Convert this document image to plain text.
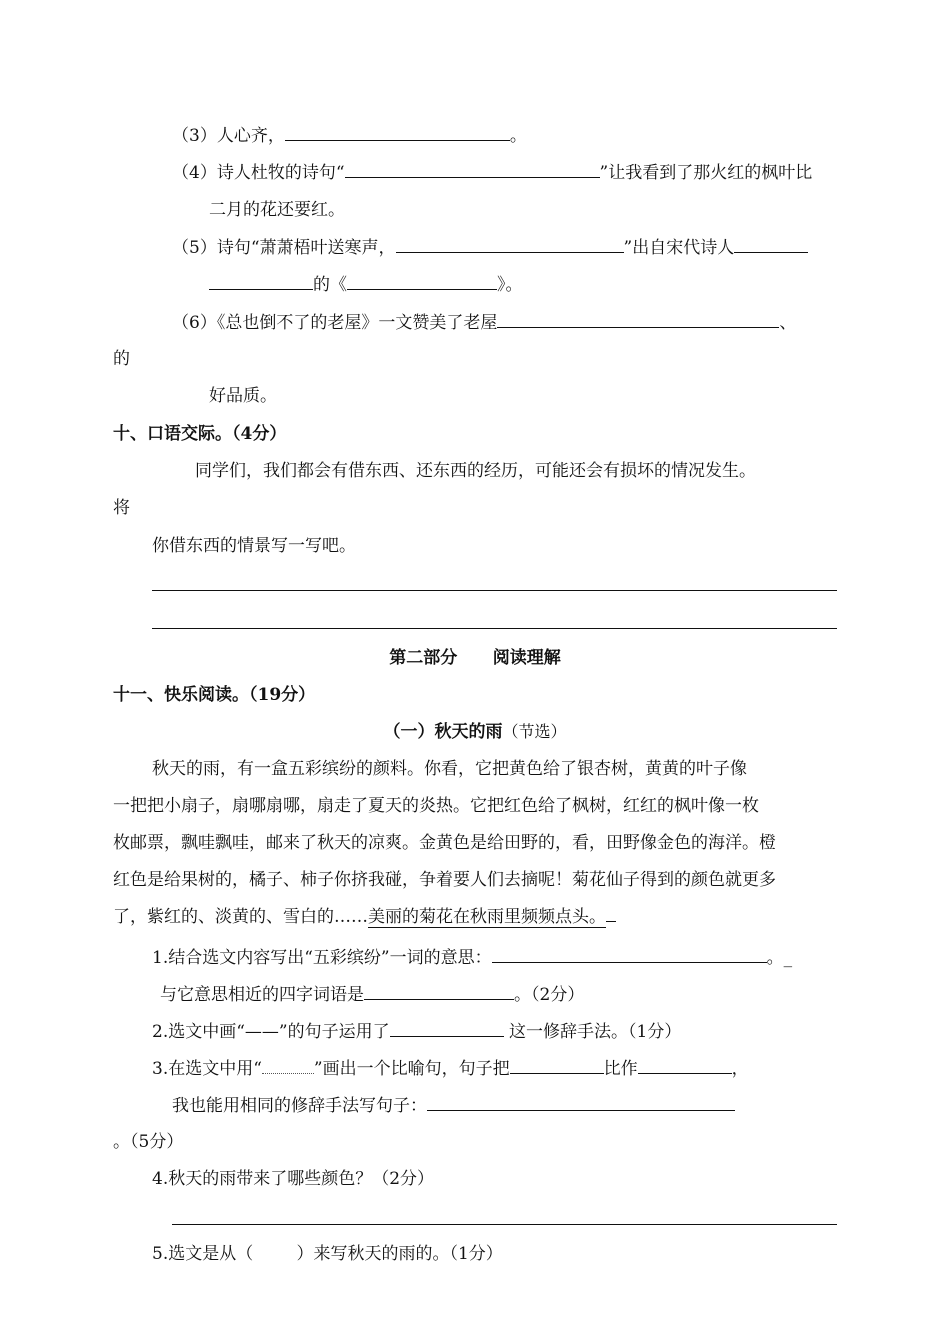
（3）人心齐，	。
（4）诗人杜牧的诗句“	”让我看到了那火红的枫叶比
二月的花还要红。
（5）诗句“萧萧梧叶送寒声，	”出自宋代诗人
的《	》。
（6）《总也倒不了的老屋》一文赞美了老屋	、
的
好品质。
十、口语交际。（4分）
同学们，我们都会有借东西、还东西的经历，可能还会有损坏的情况发生。
将
你借东西的情景写一写吧。
第二部分      阅读理解
十一、快乐阅读。（19分）
（一）秋天的雨（节选）
秋天的雨，有一盒五彩缤纷的颜料。你看，它把黄色给了银杏树，黄黄的叶子像
一把把小扇子，扇哪扇哪，扇走了夏天的炎热。它把红色给了枫树，红红的枫叶像一枚
枚邮票，飘哇飘哇，邮来了秋天的凉爽。金黄色是给田野的，看，田野像金色的海洋。橙
红色是给果树的，橘子、柿子你挤我碰，争着要人们去摘呢！菊花仙子得到的颜色就更多
了，紫红的、淡黄的、雪白的……美丽的菊花在秋雨里频频点头。
1.结合选文内容写出“五彩缤纷”一词的意思：	。_
与它意思相近的四字词语是	。（2分）
2.选文中画“——”的句子运用了	这一修辞手法。（1分）
3.在选文中用“	”画出一个比喻句，句子把	比作	，
我也能用相同的修辞手法写句子：
。（5分）
4.秋天的雨带来了哪些颜色？（2分）
5.选文是从（        ）来写秋天的雨的。（1分）
